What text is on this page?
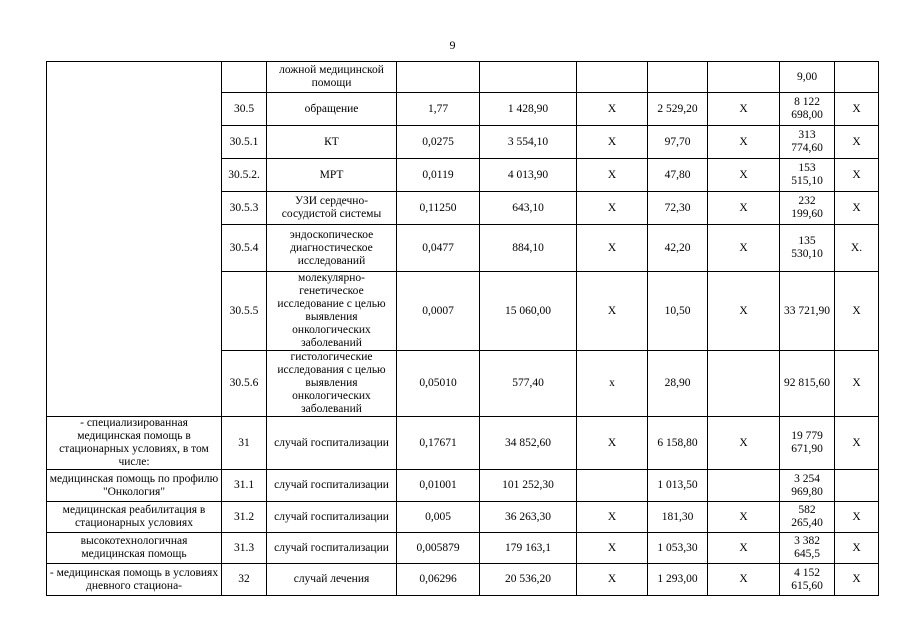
9
		ложной медицинской помощи						9,00	
	30.5	обращение	1,77	1 428,90	X	2 529,20	X	8 122 698,00	X
	30.5.1	КТ	0,0275	3 554,10	X	97,70	X	313 774,60	X
	30.5.2.	МРТ	0,0119	4 013,90	X	47,80	X	153 515,10	X
	30.5.3	УЗИ сердечно-сосудистой системы	0,11250	643,10	X	72,30	X	232 199,60	X
	30.5.4	эндоскопическое диагностическое исследований	0,0477	884,10	X	42,20	X	135 530,10	X.
	30.5.5	молекулярно-генетическое исследование с целью выявления онкологических заболеваний	0,0007	15 060,00	X	10,50	X	33 721,90	X
	30.5.6	гистологические исследования с целью выявления онкологических заболеваний	0,05010	577,40	x	28,90		92 815,60	X
- специализированная медицинская помощь в стационарных условиях, в том числе:	31	случай госпитализации	0,17671	34 852,60	X	6 158,80	X	19 779 671,90	X
медицинская помощь по профилю "Онкология"	31.1	случай госпитализации	0,01001	101 252,30		1 013,50		3 254 969,80	
медицинская реабилитация в стационарных условиях	31.2	случай госпитализации	0,005	36 263,30	X	181,30	X	582 265,40	X
высокотехнологичная медицинская помощь	31.3	случай госпитализации	0,005879	179 163,1	X	1 053,30	X	3 382 645,5	X
- медицинская помощь в условиях дневного стациона-	32	случай лечения	0,06296	20 536,20	X	1 293,00	X	4 152 615,60	X
